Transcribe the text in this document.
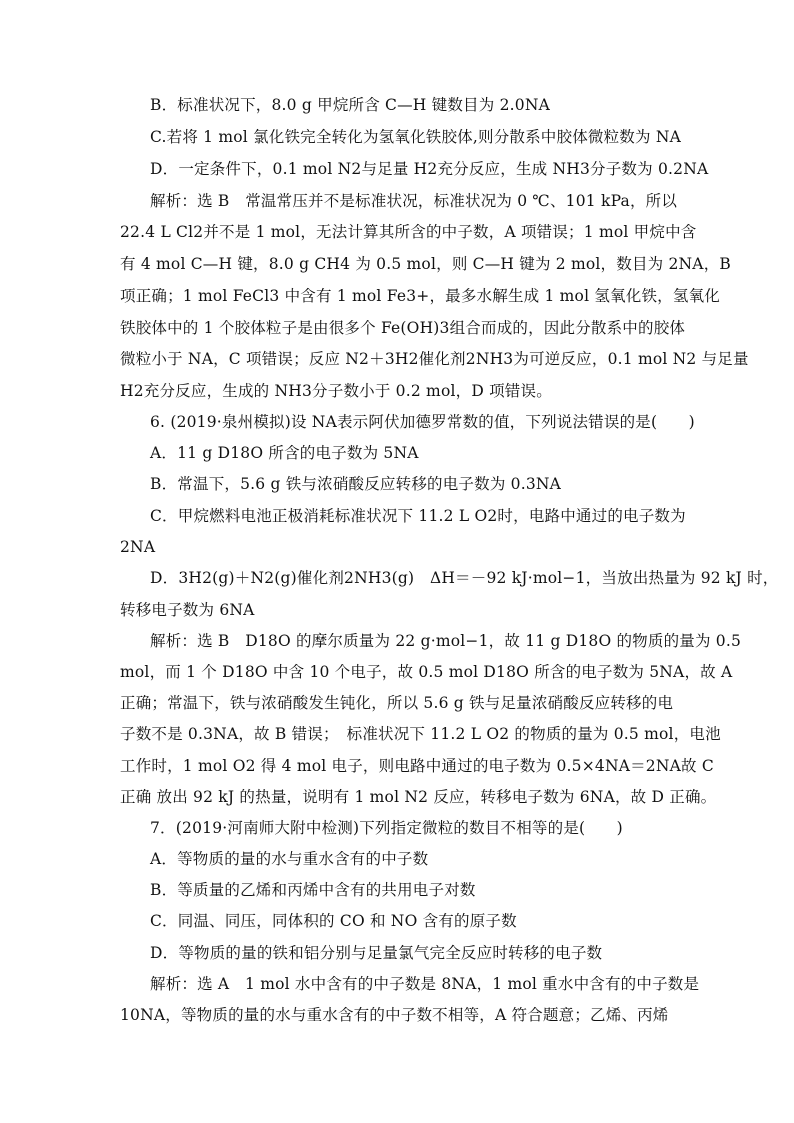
B．标准状况下，8.0 g 甲烷所含 C—H 键数目为 2.0NA
C.若将 1 mol 氯化铁完全转化为氢氧化铁胶体,则分散系中胶体微粒数为 NA
D．一定条件下，0.1 mol N2与足量 H2充分反应，生成 NH3分子数为 0.2NA
解析：选 B　常温常压并不是标准状况，标准状况为 0 ℃、101 kPa，所以
22.4 L Cl2并不是 1 mol，无法计算其所含的中子数，A 项错误；1 mol 甲烷中含
有 4 mol C—H 键，8.0 g CH4 为 0.5 mol，则 C—H 键为 2 mol，数目为 2NA，B
项正确；1 mol FeCl3 中含有 1 mol Fe3+，最多水解生成 1 mol 氢氧化铁，氢氧化
铁胶体中的 1 个胶体粒子是由很多个 Fe(OH)3组合而成的，因此分散系中的胶体
微粒小于 NA，C 项错误；反应 N2＋3H2催化剂2NH3为可逆反应，0.1 mol N2 与足量
H2充分反应，生成的 NH3分子数小于 0.2 mol，D 项错误。
6. (2019·泉州模拟)设 NA表示阿伏加德罗常数的值，下列说法错误的是(　　)
A．11 g D18O 所含的电子数为 5NA
B．常温下，5.6 g 铁与浓硝酸反应转移的电子数为 0.3NA
C．甲烷燃料电池正极消耗标准状况下 11.2 L O2时，电路中通过的电子数为
2NA
D．3H2(g)＋N2(g)催化剂2NH3(g)　ΔH＝－92 kJ·mol−1，当放出热量为 92 kJ 时，
转移电子数为 6NA
解析：选 B　D18O 的摩尔质量为 22 g·mol−1，故 11 g D18O 的物质的量为 0.5
mol，而 1 个 D18O 中含 10 个电子，故 0.5 mol D18O 所含的电子数为 5NA，故 A
正确；常温下，铁与浓硝酸发生钝化，所以 5.6 g 铁与足量浓硝酸反应转移的电
子数不是 0.3NA，故 B 错误；　标准状况下 11.2 L O2 的物质的量为 0.5 mol，电池
工作时，1 mol O2 得 4 mol 电子，则电路中通过的电子数为 0.5×4NA＝2NA故 C
正确 放出 92 kJ 的热量，说明有 1 mol N2 反应，转移电子数为 6NA，故 D 正确。
7．(2019·河南师大附中检测)下列指定微粒的数目不相等的是(　　)
A．等物质的量的水与重水含有的中子数
B．等质量的乙烯和丙烯中含有的共用电子对数
C．同温、同压，同体积的 CO 和 NO 含有的原子数
D．等物质的量的铁和铝分别与足量氯气完全反应时转移的电子数
解析：选 A　1 mol 水中含有的中子数是 8NA，1 mol 重水中含有的中子数是
10NA，等物质的量的水与重水含有的中子数不相等，A 符合题意；乙烯、丙烯
